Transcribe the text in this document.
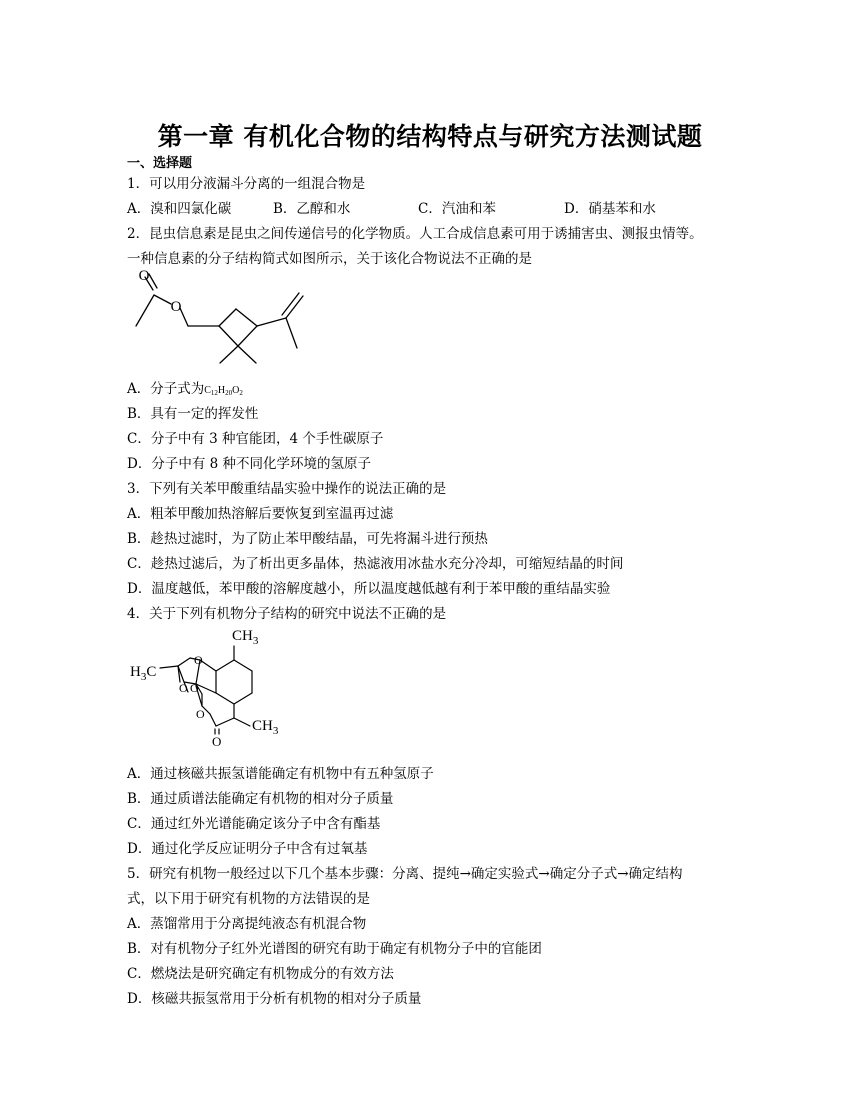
第一章 有机化合物的结构特点与研究方法测试题
一、选择题
1．可以用分液漏斗分离的一组混合物是
A．溴和四氯化碳	B．乙醇和水	C．汽油和苯	D．硝基苯和水
2．昆虫信息素是昆虫之间传递信号的化学物质。人工合成信息素可用于诱捕害虫、测报虫情等。
一种信息素的分子结构简式如图所示，关于该化合物说法不正确的是
O
O
A．分子式为$C_{12}H_{20}O_2$
B．具有一定的挥发性
C．分子中有 3 种官能团，4 个手性碳原子
D．分子中有 8 种不同化学环境的氢原子
3．下列有关苯甲酸重结晶实验中操作的说法正确的是
A．粗苯甲酸加热溶解后要恢复到室温再过滤
B．趁热过滤时，为了防止苯甲酸结晶，可先将漏斗进行预热
C．趁热过滤后，为了析出更多晶体，热滤液用冰盐水充分冷却，可缩短结晶的时间
D．温度越低，苯甲酸的溶解度越小，所以温度越低越有利于苯甲酸的重结晶实验
4．关于下列有机物分子结构的研究中说法不正确的是
$CH_3$
$H_3C$
$CH_3$
O
O
O O
O
A．通过核磁共振氢谱能确定有机物中有五种氢原子
B．通过质谱法能确定有机物的相对分子质量
C．通过红外光谱能确定该分子中含有酯基
D．通过化学反应证明分子中含有过氧基
5．研究有机物一般经过以下几个基本步骤：分离、提纯→确定实验式→确定分子式→确定结构
式，以下用于研究有机物的方法错误的是
A．蒸馏常用于分离提纯液态有机混合物
B．对有机物分子红外光谱图的研究有助于确定有机物分子中的官能团
C．燃烧法是研究确定有机物成分的有效方法
D．核磁共振氢常用于分析有机物的相对分子质量
